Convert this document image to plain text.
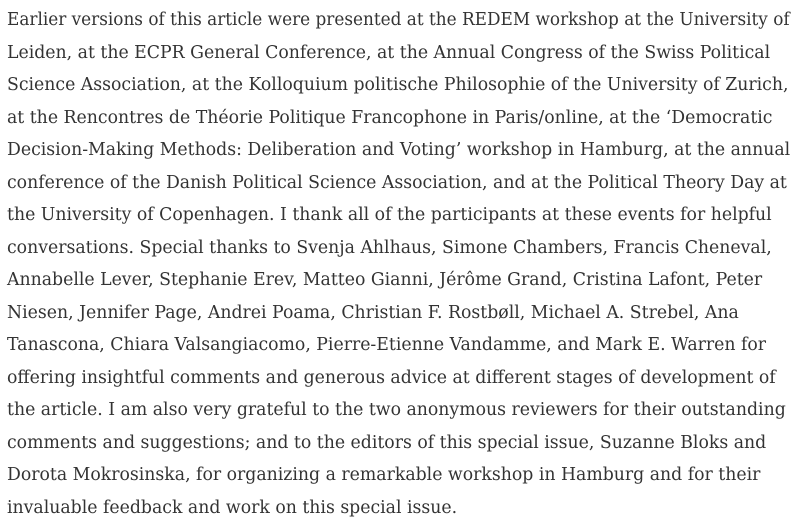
Earlier versions of this article were presented at the REDEM workshop at the University of
Leiden, at the ECPR General Conference, at the Annual Congress of the Swiss Political
Science Association, at the Kolloquium politische Philosophie of the University of Zurich,
at the Rencontres de Théorie Politique Francophone in Paris/online, at the ‘Democratic
Decision-Making Methods: Deliberation and Voting’ workshop in Hamburg, at the annual
conference of the Danish Political Science Association, and at the Political Theory Day at
the University of Copenhagen. I thank all of the participants at these events for helpful
conversations. Special thanks to Svenja Ahlhaus, Simone Chambers, Francis Cheneval,
Annabelle Lever, Stephanie Erev, Matteo Gianni, Jérôme Grand, Cristina Lafont, Peter
Niesen, Jennifer Page, Andrei Poama, Christian F. Rostbøll, Michael A. Strebel, Ana
Tanascona, Chiara Valsangiacomo, Pierre-Etienne Vandamme, and Mark E. Warren for
offering insightful comments and generous advice at different stages of development of
the article. I am also very grateful to the two anonymous reviewers for their outstanding
comments and suggestions; and to the editors of this special issue, Suzanne Bloks and
Dorota Mokrosinska, for organizing a remarkable workshop in Hamburg and for their
invaluable feedback and work on this special issue.
